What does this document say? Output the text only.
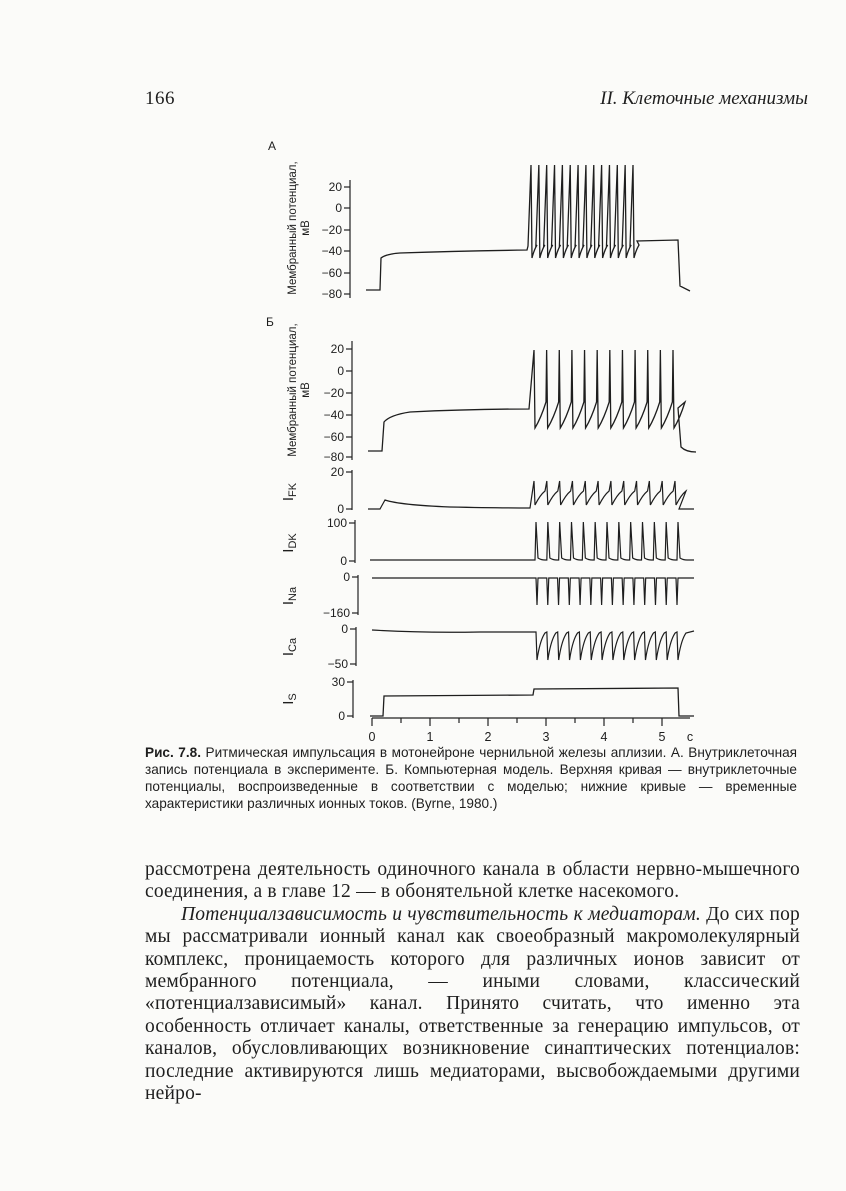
166	II. Клеточные механизмы
А
Б
Мембранный потенциал, мВ
Мембранный потенциал, мВ
20
0
−20
−40
−60
−80
20
0
−20
−40
−60
−80
$I_{FK}$
$I_{DK}$
$I_{Na}$
$I_{Ca}$
$I_S$
20
0
100
0
0
−160
0
−50
30
0
0	1	2	3	4	5 с
Рис. 7.8. Ритмическая импульсация в мотонейроне чернильной железы аплизии. А. Внутриклеточная запись потенциала в эксперименте. Б. Компьютерная модель. Верхняя кривая — внутриклеточные потенциалы, воспроизведенные в соответствии с моделью; нижние кривые — временные характеристики различных ионных токов. (Byrne, 1980.)

рассмотрена деятельность одиночного канала в области нервно-мышечного соединения, а в главе 12 — в обонятельной клетке насекомого.

Потенциалзависимость и чувствительность к медиаторам. До сих пор мы рассматривали ионный канал как своеобразный макромолекулярный комплекс, проницаемость которого для различных ионов зависит от мембранного потенциала, — иными словами, классический «потенциалзависимый» канал. Принято считать, что именно эта особенность отличает каналы, ответственные за генерацию импульсов, от каналов, обусловливающих возникновение синаптических потенциалов: последние активируются лишь медиаторами, высвобождаемыми другими нейро-
